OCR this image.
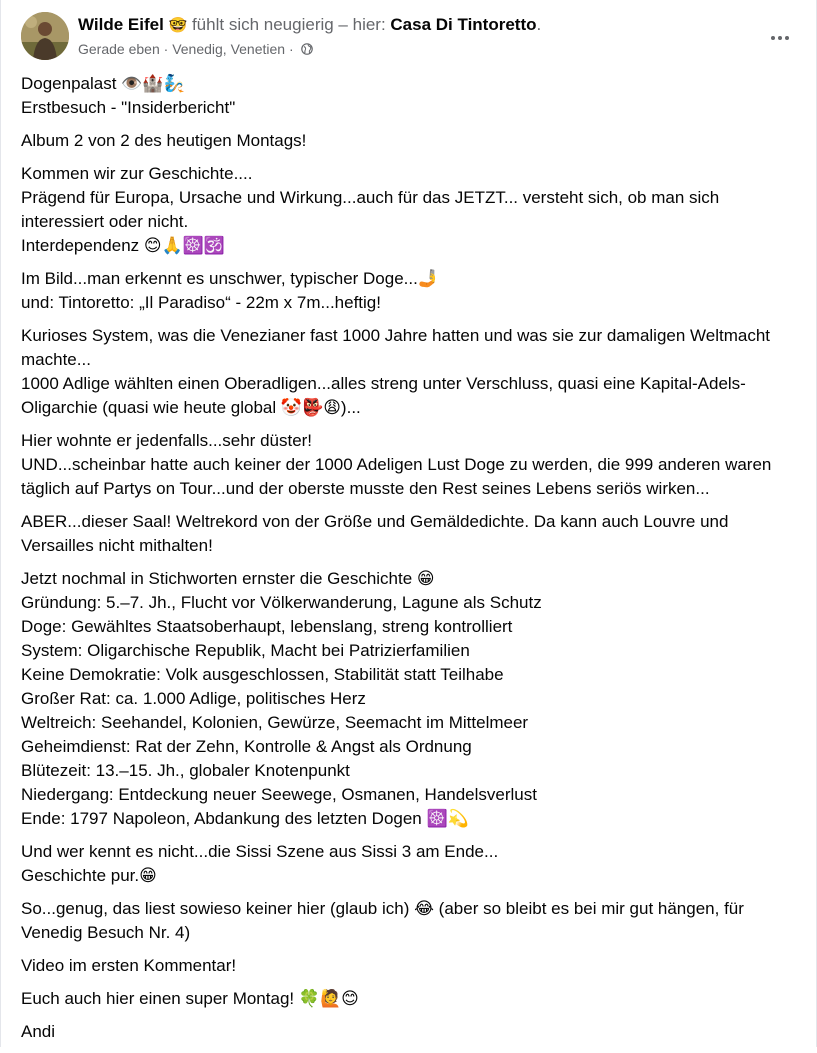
Wilde Eifel 🤓 fühlt sich neugierig – hier: Casa Di Tintoretto.
Gerade eben · Venedig, Venetien ·
Dogenpalast 👁️🏰🧞
Erstbesuch - "Insiderbericht"
Album 2 von 2 des heutigen Montags!
Kommen wir zur Geschichte....
Prägend für Europa, Ursache und Wirkung...auch für das JETZT... versteht sich, ob man sich
interessiert oder nicht.
Interdependenz 😊🙏☸️🕉️
Im Bild...man erkennt es unschwer, typischer Doge...🤳
und: Tintoretto: „Il Paradiso“ - 22m x 7m...heftig!
Kurioses System, was die Venezianer fast 1000 Jahre hatten und was sie zur damaligen Weltmacht
machte...
1000 Adlige wählten einen Oberadligen...alles streng unter Verschluss, quasi eine Kapital-Adels-
Oligarchie (quasi wie heute global 🤡👺😩)...
Hier wohnte er jedenfalls...sehr düster!
UND...scheinbar hatte auch keiner der 1000 Adeligen Lust Doge zu werden, die 999 anderen waren
täglich auf Partys on Tour...und der oberste musste den Rest seines Lebens seriös wirken...
ABER...dieser Saal! Weltrekord von der Größe und Gemäldedichte. Da kann auch Louvre und
Versailles nicht mithalten!
Jetzt nochmal in Stichworten ernster die Geschichte 😁
Gründung: 5.–7. Jh., Flucht vor Völkerwanderung, Lagune als Schutz
Doge: Gewähltes Staatsoberhaupt, lebenslang, streng kontrolliert
System: Oligarchische Republik, Macht bei Patrizierfamilien
Keine Demokratie: Volk ausgeschlossen, Stabilität statt Teilhabe
Großer Rat: ca. 1.000 Adlige, politisches Herz
Weltreich: Seehandel, Kolonien, Gewürze, Seemacht im Mittelmeer
Geheimdienst: Rat der Zehn, Kontrolle & Angst als Ordnung
Blütezeit: 13.–15. Jh., globaler Knotenpunkt
Niedergang: Entdeckung neuer Seewege, Osmanen, Handelsverlust
Ende: 1797 Napoleon, Abdankung des letzten Dogen ☸️💫
Und wer kennt es nicht...die Sissi Szene aus Sissi 3 am Ende...
Geschichte pur.😁
So...genug, das liest sowieso keiner hier (glaub ich) 😂 (aber so bleibt es bei mir gut hängen, für
Venedig Besuch Nr. 4)
Video im ersten Kommentar!
Euch auch hier einen super Montag! 🍀🙋😊
Andi
